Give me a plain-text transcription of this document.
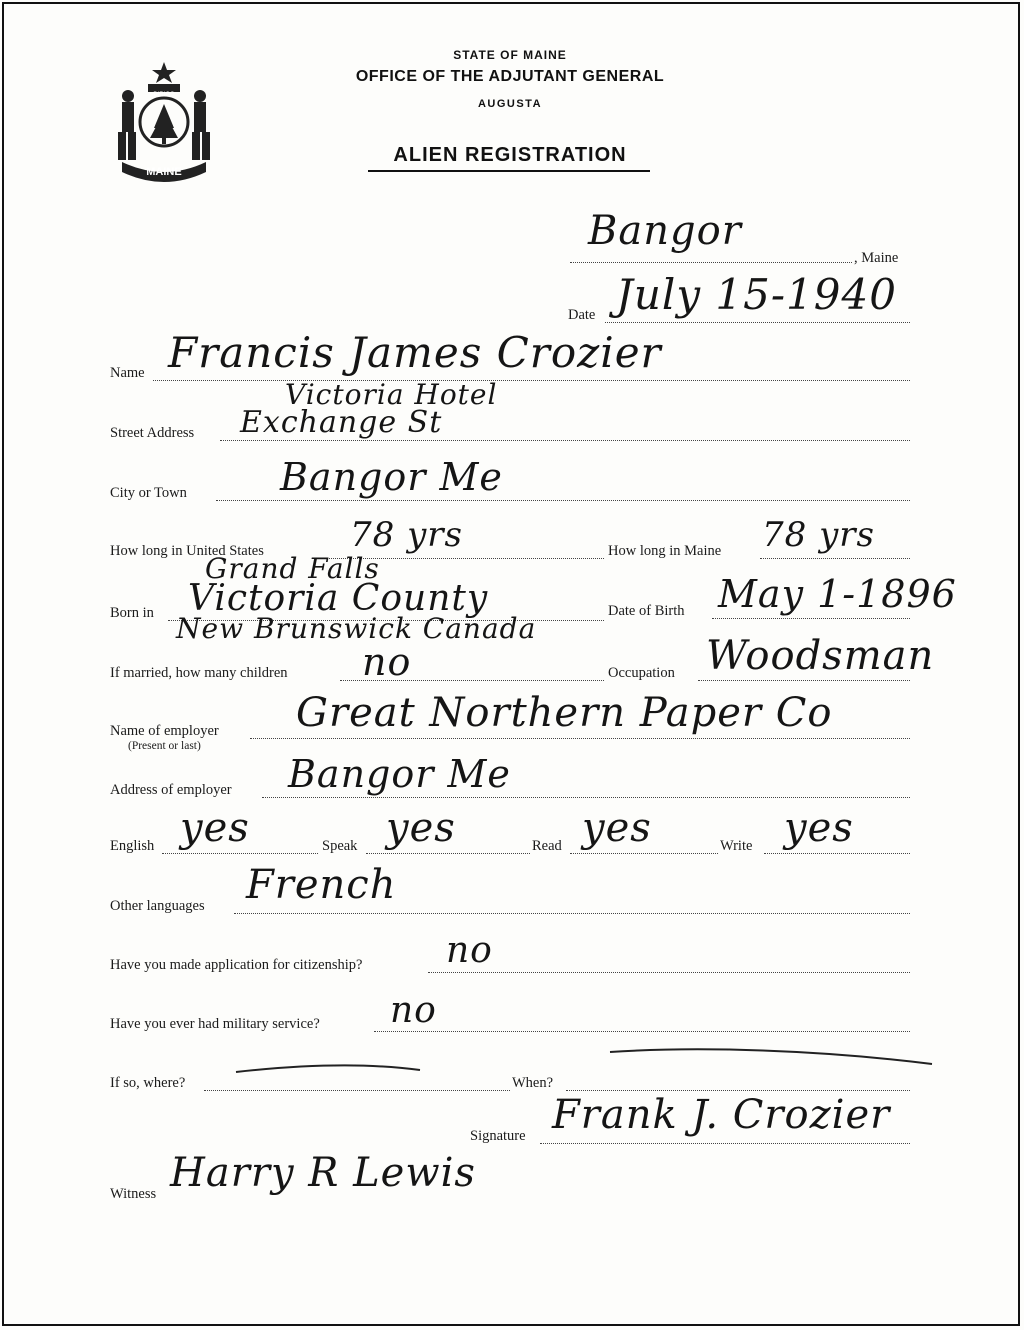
MAINE
DIRIGO
STATE OF MAINE
OFFICE OF THE ADJUTANT GENERAL
AUGUSTA
ALIEN REGISTRATION
Bangor
, Maine
Date July 15-1940
Name Francis James Crozier
Victoria Hotel
Street Address Exchange St
City or Town Bangor Me
How long in United States	78 yrs	How long in Maine 78 yrs
Grand Falls
Born in Victoria County
New Brunswick Canada
Date of Birth May 1-1896
If married, how many children no	Occupation Woodsman
Name of employer
(Present or last)
Great Northern Paper Co
Address of employer Bangor Me
English yes	Speak yes	Read yes	Write yes
Other languages French
Have you made application for citizenship? no
Have you ever had military service? no
If so, where?	When?
Signature Frank J. Crozier
Witness Harry R Lewis
